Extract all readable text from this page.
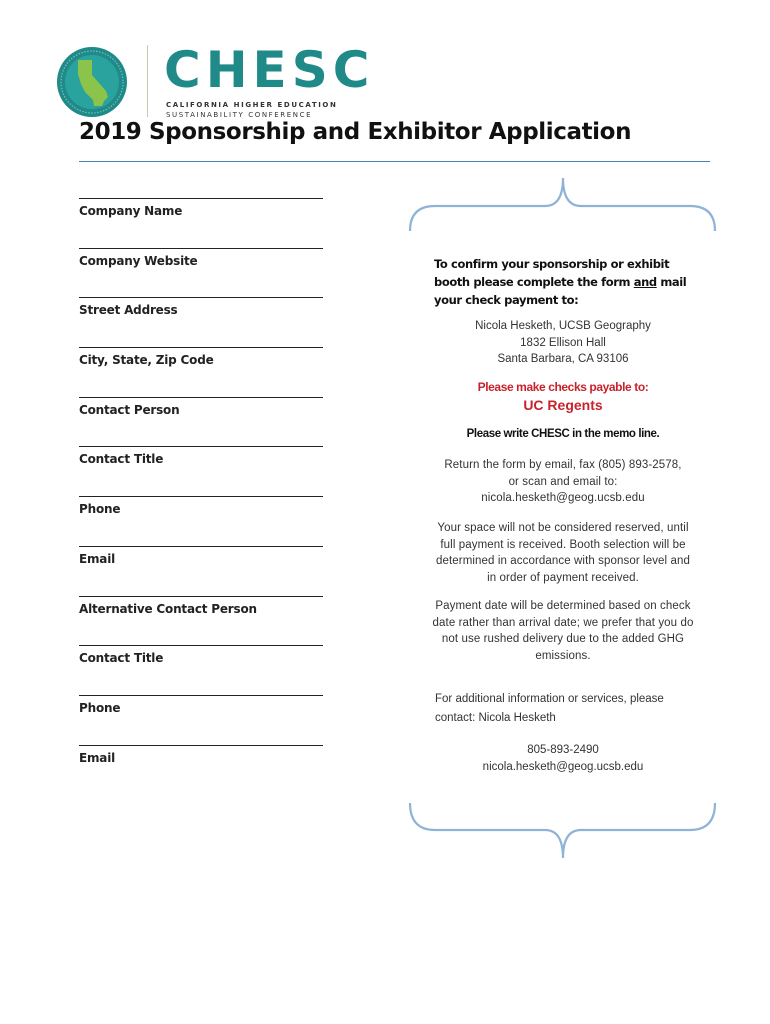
CHESC
CALIFORNIA HIGHER EDUCATION
SUSTAINABILITY CONFERENCE
2019 Sponsorship and Exhibitor Application
Company Name
Company Website
Street Address
City, State, Zip Code
Contact Person
Contact Title
Phone
Email
Alternative Contact Person
Contact Title
Phone
Email
To confirm your sponsorship or exhibit booth please complete the form and mail your check payment to:
Nicola Hesketh, UCSB Geography
1832 Ellison Hall
Santa Barbara, CA 93106
Please make checks payable to:
UC Regents
Please write CHESC in the memo line.
Return the form by email, fax (805) 893-2578,
or scan and email to:
nicola.hesketh@geog.ucsb.edu
Your space will not be considered reserved, until full payment is received. Booth selection will be determined in accordance with sponsor level and in order of payment received.
Payment date will be determined based on check date rather than arrival date; we prefer that you do not use rushed delivery due to the added GHG emissions.
For additional information or services, please contact: Nicola Hesketh
805-893-2490
nicola.hesketh@geog.ucsb.edu
